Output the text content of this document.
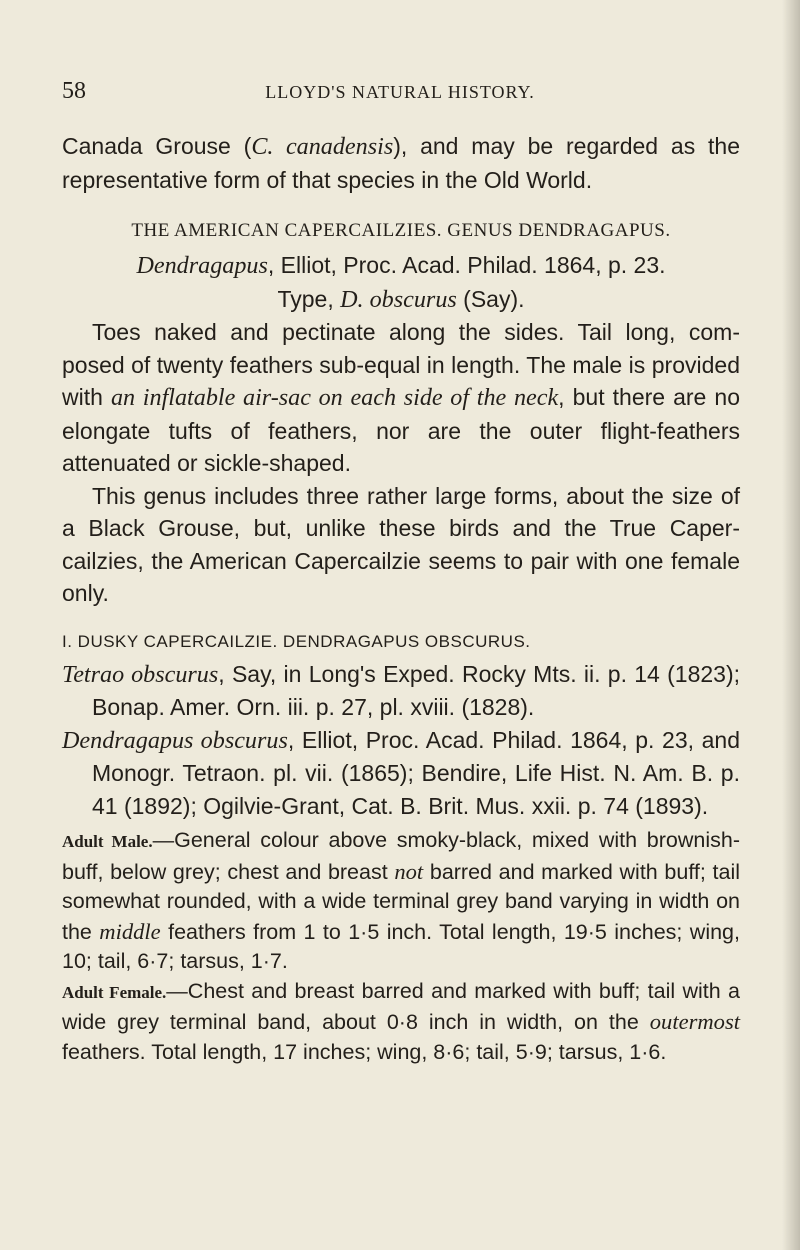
58	LLOYD'S NATURAL HISTORY.

Canada Grouse (C. canadensis), and may be regarded as the representative form of that species in the Old World.

THE AMERICAN CAPERCAILZIES. GENUS DENDRAGAPUS.

Dendragapus, Elliot, Proc. Acad. Philad. 1864, p. 23.

Type, D. obscurus (Say).

Toes naked and pectinate along the sides. Tail long, com- posed of twenty feathers sub-equal in length. The male is provided with an inflatable air-sac on each side of the neck, but there are no elongate tufts of feathers, nor are the outer flight-feathers attenuated or sickle-shaped.

This genus includes three rather large forms, about the size of a Black Grouse, but, unlike these birds and the True Caper-cailzies, the American Capercailzie seems to pair with one female only.

I. DUSKY CAPERCAILZIE. DENDRAGAPUS OBSCURUS.

Tetrao obscurus, Say, in Long's Exped. Rocky Mts. ii. p. 14 (1823); Bonap. Amer. Orn. iii. p. 27, pl. xviii. (1828).

Dendragapus obscurus, Elliot, Proc. Acad. Philad. 1864, p. 23, and Monogr. Tetraon. pl. vii. (1865); Bendire, Life Hist. N. Am. B. p. 41 (1892); Ogilvie-Grant, Cat. B. Brit. Mus. xxii. p. 74 (1893).

Adult Male.—General colour above smoky-black, mixed with brownish-buff, below grey; chest and breast not barred and marked with buff; tail somewhat rounded, with a wide terminal grey band varying in width on the middle feathers from 1 to 1·5 inch. Total length, 19·5 inches; wing, 10; tail, 6·7; tarsus, 1·7.

Adult Female.—Chest and breast barred and marked with buff; tail with a wide grey terminal band, about 0·8 inch in width, on the outermost feathers. Total length, 17 inches; wing, 8·6; tail, 5·9; tarsus, 1·6.
